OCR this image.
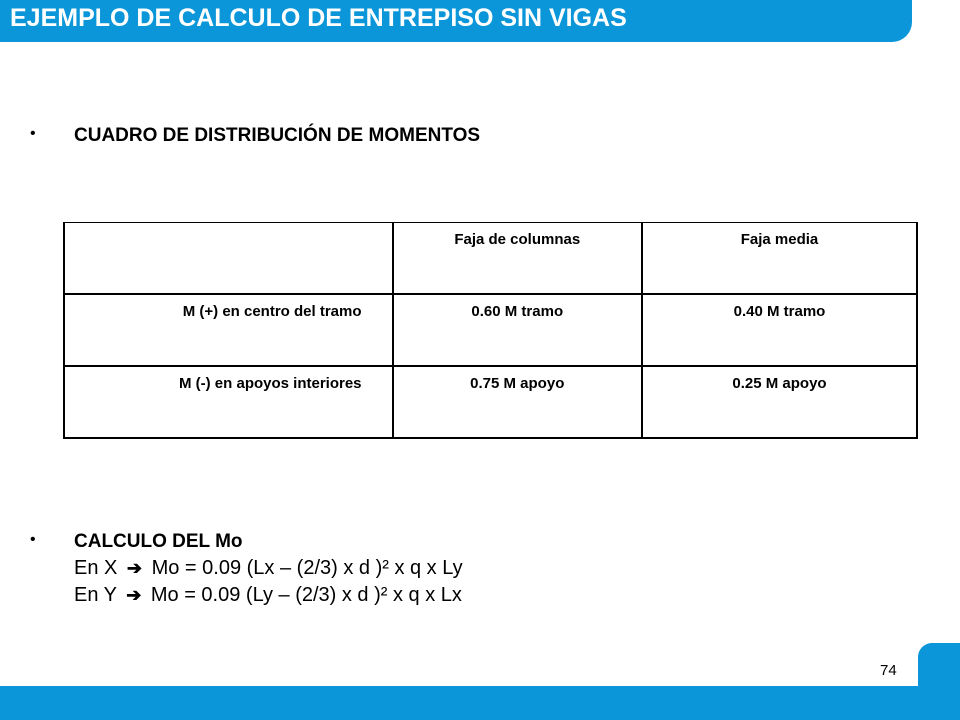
EJEMPLO DE CALCULO DE ENTREPISO SIN VIGAS
• CUADRO DE DISTRIBUCIÓN DE MOMENTOS
	Faja de columnas	Faja media
M (+) en centro del tramo	0.60 M tramo	0.40 M tramo
M (-) en apoyos interiores	0.75 M apoyo	0.25 M apoyo
• CALCULO DEL Mo
En X ➔ Mo = 0.09 (Lx – (2/3) x d )² x q x Ly
En Y ➔ Mo = 0.09 (Ly – (2/3) x d )² x q x Lx
74
